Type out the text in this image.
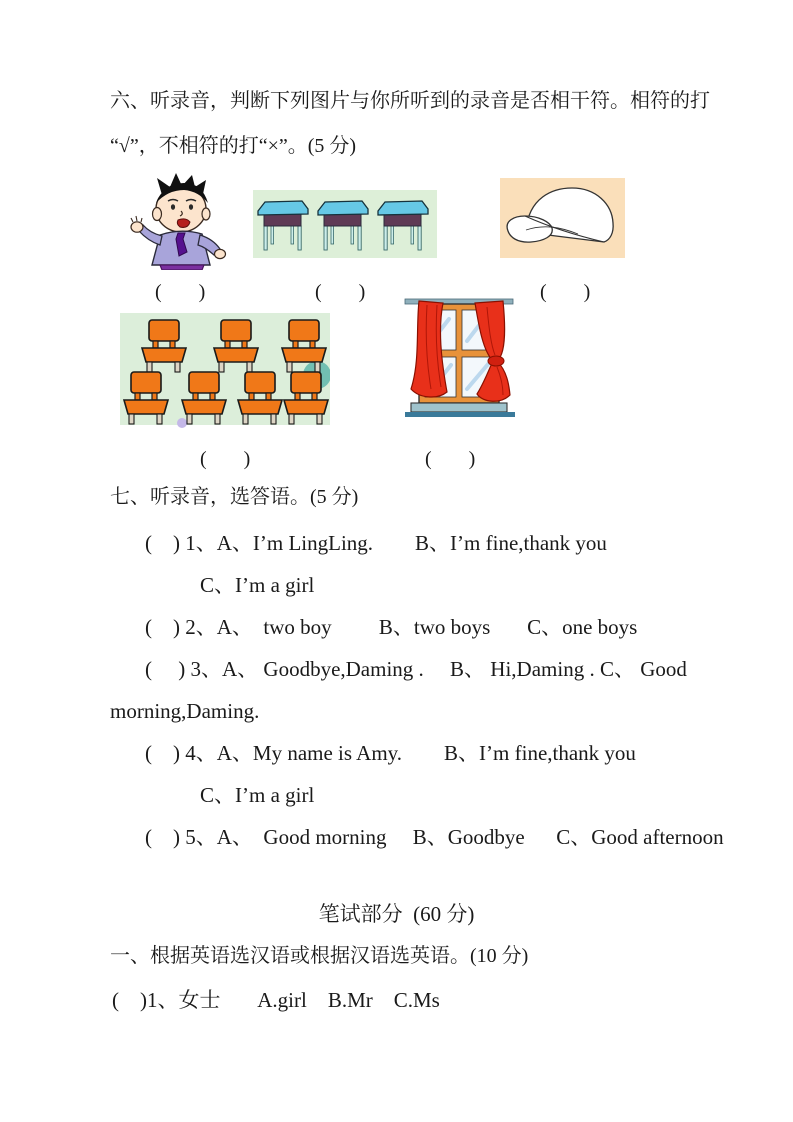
六、听录音，判断下列图片与你所听到的录音是否相干符。相符的打
“√”，不相符的打“×”。(5 分)
(      )	(      )	(      )
(      )	(      )
七、听录音，选答语。(5 分)
(    ) 1、A、I’m LingLing.        B、I’m fine,thank you
C、I’m a girl
(    ) 2、A、  two boy         B、two boys       C、one boys
(     ) 3、A、 Goodbye,Daming .     B、 Hi,Daming . C、 Good
morning,Daming.
(    ) 4、A、My name is Amy.        B、I’m fine,thank you
C、I’m a girl
(    ) 5、A、  Good morning     B、Goodbye      C、Good afternoon
笔试部分  (60 分)
一、根据英语选汉语或根据汉语选英语。(10 分)
(    )1、女士       A.girl    B.Mr    C.Ms
